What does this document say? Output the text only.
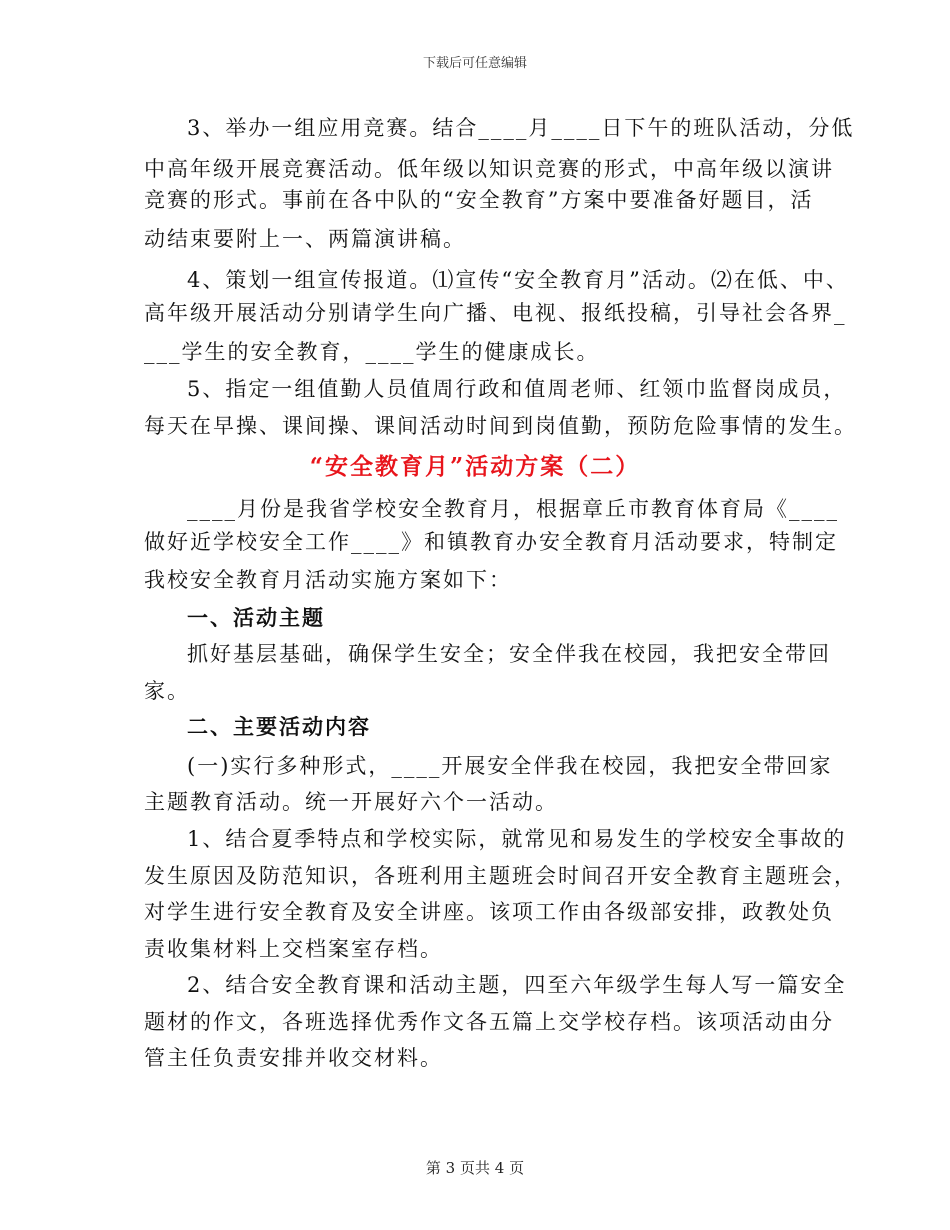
下载后可任意编辑
3、举办一组应用竞赛。结合____月____日下午的班队活动，分低
中高年级开展竞赛活动。低年级以知识竞赛的形式，中高年级以演讲
竞赛的形式。事前在各中队的“安全教育”方案中要准备好题目，活
动结束要附上一、两篇演讲稿。
4、策划一组宣传报道。⑴宣传“安全教育月”活动。⑵在低、中、
高年级开展活动分别请学生向广播、电视、报纸投稿，引导社会各界_
___学生的安全教育，____学生的健康成长。
5、指定一组值勤人员值周行政和值周老师、红领巾监督岗成员，
每天在早操、课间操、课间活动时间到岗值勤，预防危险事情的发生。
“安全教育月”活动方案（二）
____月份是我省学校安全教育月，根据章丘市教育体育局《____
做好近学校安全工作____》和镇教育办安全教育月活动要求，特制定
我校安全教育月活动实施方案如下：
一、活动主题
抓好基层基础，确保学生安全；安全伴我在校园，我把安全带回
家。
二、主要活动内容
(一)实行多种形式，____开展安全伴我在校园，我把安全带回家
主题教育活动。统一开展好六个一活动。
1、结合夏季特点和学校实际，就常见和易发生的学校安全事故的
发生原因及防范知识，各班利用主题班会时间召开安全教育主题班会，
对学生进行安全教育及安全讲座。该项工作由各级部安排，政教处负
责收集材料上交档案室存档。
2、结合安全教育课和活动主题，四至六年级学生每人写一篇安全
题材的作文，各班选择优秀作文各五篇上交学校存档。该项活动由分
管主任负责安排并收交材料。
第 3 页共 4 页
